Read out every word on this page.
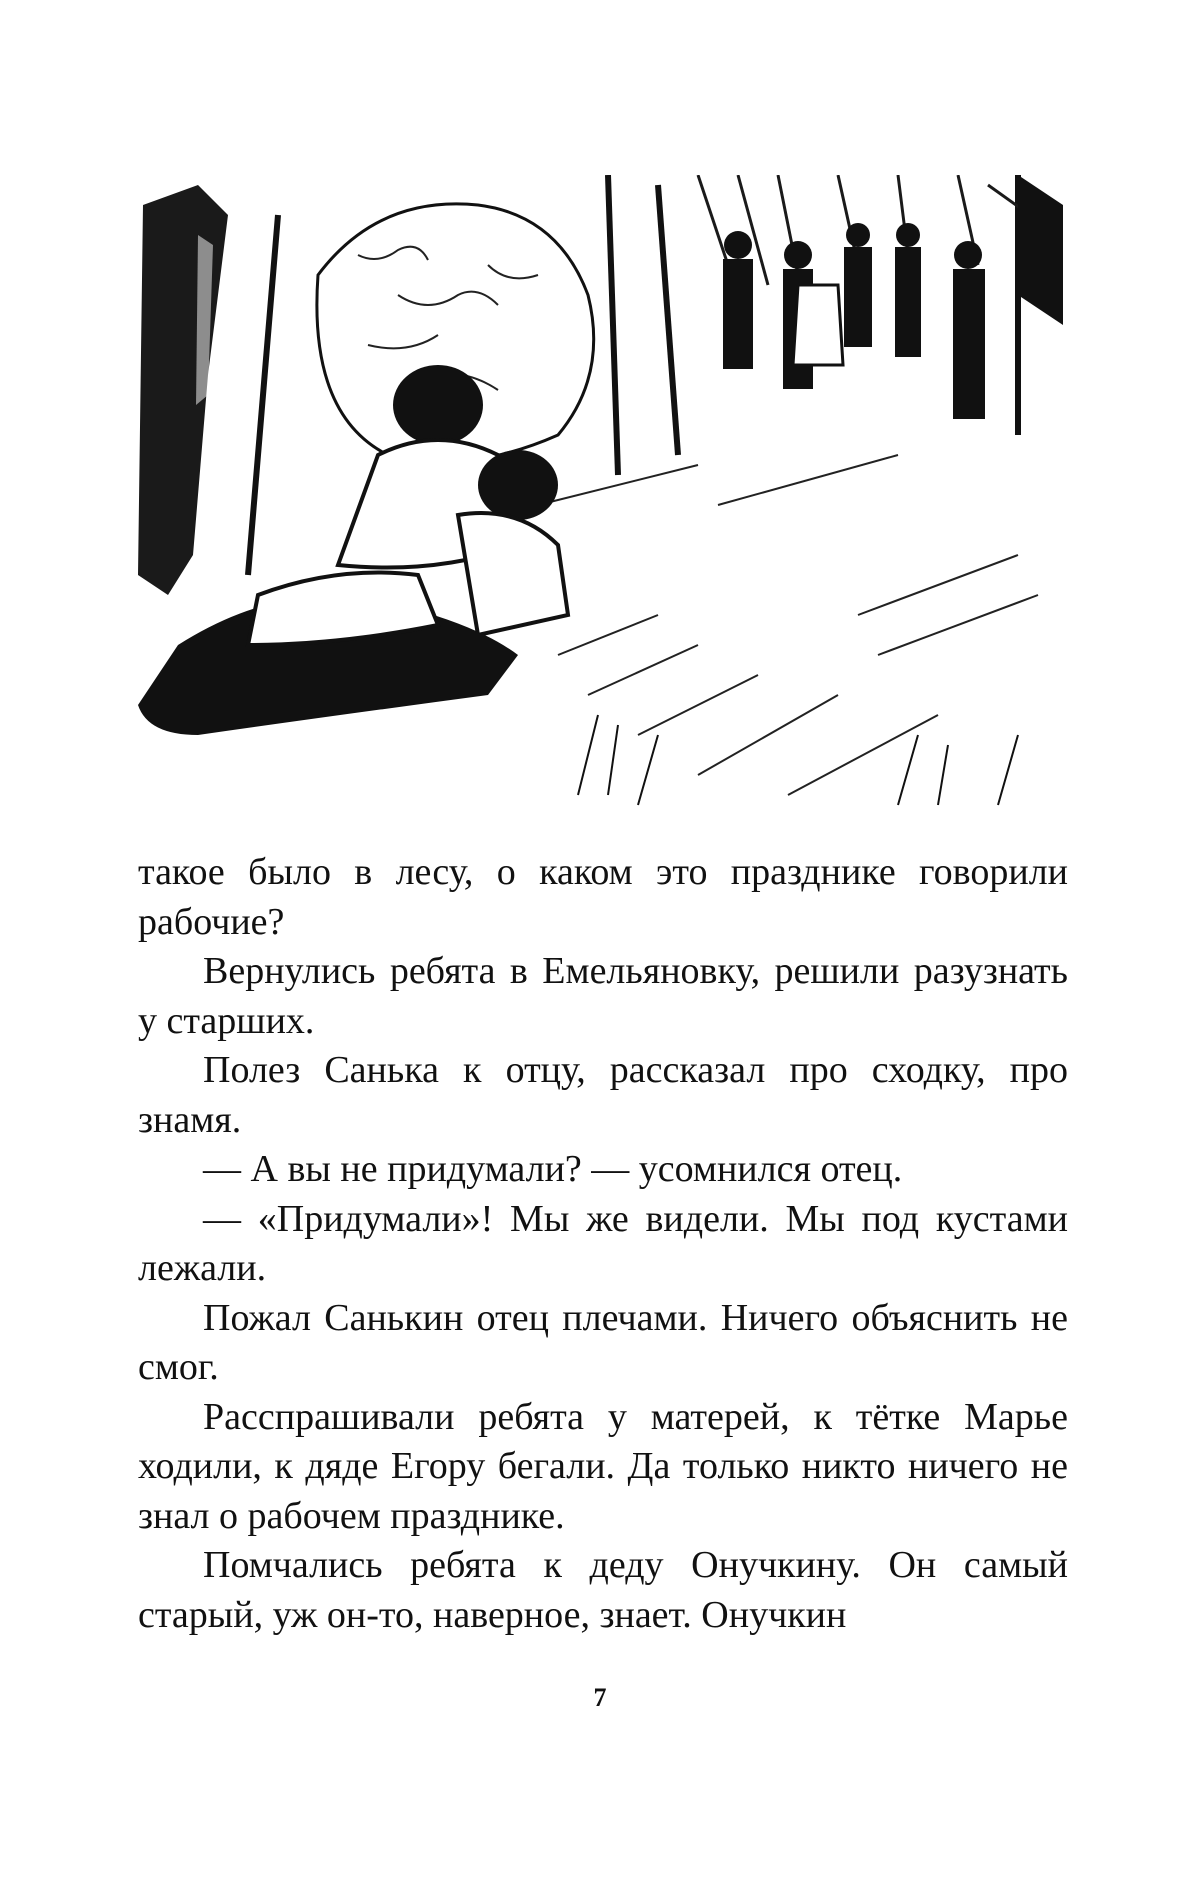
такое было в лесу, о каком это празднике говорили рабочие?

Вернулись ребята в Емельяновку, решили разузнать у старших.

Полез Санька к отцу, рассказал про сходку, про знамя.

— А вы не придумали? — усомнился отец.

— «Придумали»! Мы же видели. Мы под кустами лежали.

Пожал Санькин отец плечами. Ничего объяснить не смог.

Расспрашивали ребята у матерей, к тётке Марье ходили, к дяде Егору бегали. Да только никто ничего не знал о рабочем празднике.

Помчались ребята к деду Онучкину. Он самый старый, уж он-то, наверное, знает. Онучкин

7
